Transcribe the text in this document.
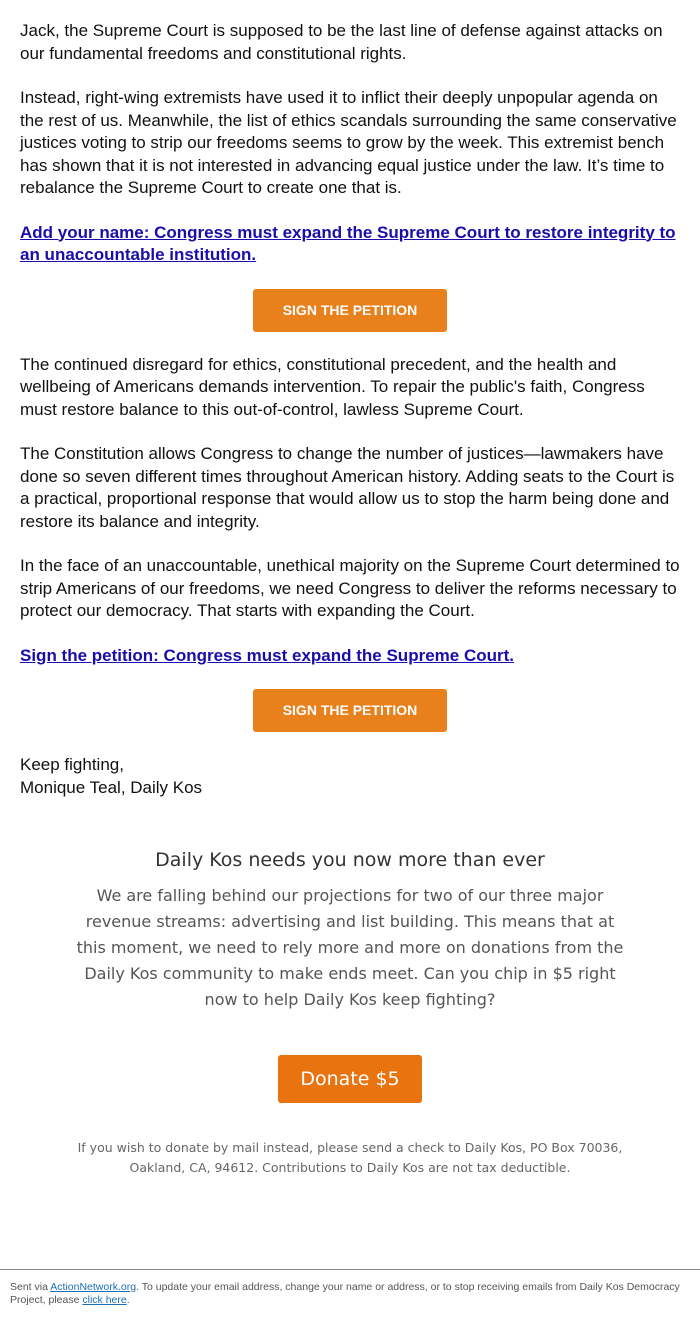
Jack, the Supreme Court is supposed to be the last line of defense against attacks on our fundamental freedoms and constitutional rights.

Instead, right-wing extremists have used it to inflict their deeply unpopular agenda on the rest of us. Meanwhile, the list of ethics scandals surrounding the same conservative justices voting to strip our freedoms seems to grow by the week. This extremist bench has shown that it is not interested in advancing equal justice under the law. It’s time to rebalance the Supreme Court to create one that is.

Add your name: Congress must expand the Supreme Court to restore integrity to an unaccountable institution.

SIGN THE PETITION

The continued disregard for ethics, constitutional precedent, and the health and wellbeing of Americans demands intervention. To repair the public's faith, Congress must restore balance to this out-of-control, lawless Supreme Court.

The Constitution allows Congress to change the number of justices—lawmakers have done so seven different times throughout American history. Adding seats to the Court is a practical, proportional response that would allow us to stop the harm being done and restore its balance and integrity.

In the face of an unaccountable, unethical majority on the Supreme Court determined to strip Americans of our freedoms, we need Congress to deliver the reforms necessary to protect our democracy. That starts with expanding the Court.

Sign the petition: Congress must expand the Supreme Court.

SIGN THE PETITION

Keep fighting,
Monique Teal, Daily Kos

Daily Kos needs you now more than ever

We are falling behind our projections for two of our three major revenue streams: advertising and list building. This means that at this moment, we need to rely more and more on donations from the Daily Kos community to make ends meet. Can you chip in $5 right now to help Daily Kos keep fighting?

Donate $5
If you wish to donate by mail instead, please send a check to Daily Kos, PO Box 70036, Oakland, CA, 94612. Contributions to Daily Kos are not tax deductible.
Sent via ActionNetwork.org. To update your email address, change your name or address, or to stop receiving emails from Daily Kos Democracy Project, please click here.
